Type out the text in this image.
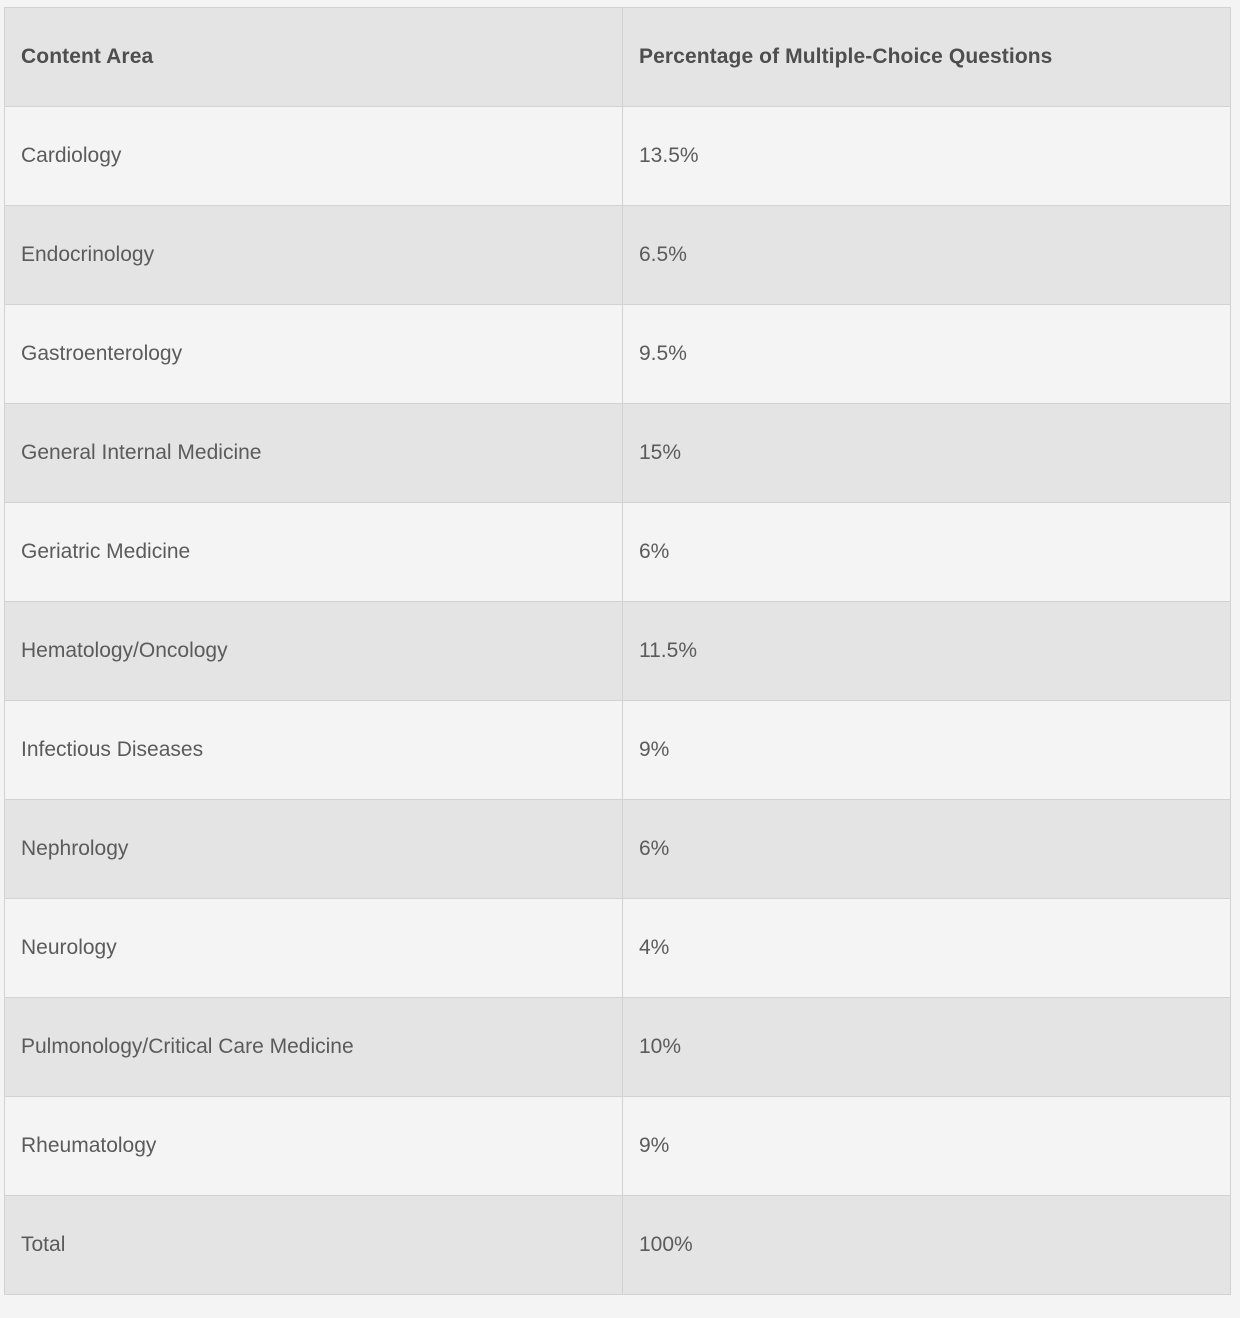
Content Area	Percentage of Multiple-Choice Questions
Cardiology	13.5%
Endocrinology	6.5%
Gastroenterology	9.5%
General Internal Medicine	15%
Geriatric Medicine	6%
Hematology/Oncology	11.5%
Infectious Diseases	9%
Nephrology	6%
Neurology	4%
Pulmonology/Critical Care Medicine	10%
Rheumatology	9%
Total	100%
